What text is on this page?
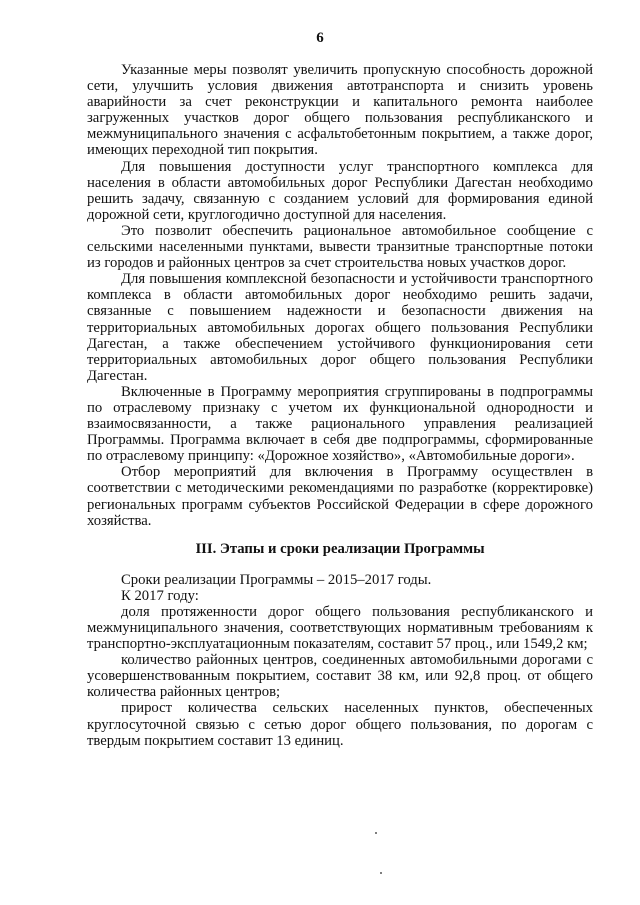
6

Указанные меры позволят увеличить пропускную способность дорожной сети, улучшить условия движения автотранспорта и снизить уровень аварийности за счет реконструкции и капитального ремонта наиболее загруженных участков дорог общего пользования республиканского и межмуниципального значения с асфальтобетонным покрытием, а также дорог, имеющих переходной тип покрытия.

Для повышения доступности услуг транспортного комплекса для населения в области автомобильных дорог Республики Дагестан необходимо решить задачу, связанную с созданием условий для формирования единой дорожной сети, круглогодично доступной для населения.

Это позволит обеспечить рациональное автомобильное сообщение с сельскими населенными пунктами, вывести транзитные транспортные потоки из городов и районных центров за счет строительства новых участков дорог.

Для повышения комплексной безопасности и устойчивости транспортного комплекса в области автомобильных дорог необходимо решить задачи, связанные с повышением надежности и безопасности движения на территориальных автомобильных дорогах общего пользования Республики Дагестан, а также обеспечением устойчивого функционирования сети территориальных автомобильных дорог общего пользования Республики Дагестан.

Включенные в Программу мероприятия сгруппированы в подпрограммы по отраслевому признаку с учетом их функциональной однородности и взаимосвязанности, а также рационального управления реализацией Программы. Программа включает в себя две подпрограммы, сформированные по отраслевому принципу: «Дорожное хозяйство», «Автомобильные дороги».

Отбор мероприятий для включения в Программу осуществлен в соответствии с методическими рекомендациями по разработке (корректировке) региональных программ субъектов Российской Федерации в сфере дорожного хозяйства.

III. Этапы и сроки реализации Программы

Сроки реализации Программы – 2015–2017 годы.

К 2017 году:

доля протяженности дорог общего пользования республиканского и межмуниципального значения, соответствующих нормативным требованиям к транспортно-эксплуатационным показателям, составит 57 проц., или 1549,2 км;

количество районных центров, соединенных автомобильными дорогами с усовершенствованным покрытием, составит 38 км, или 92,8 проц. от общего количества районных центров;

прирост количества сельских населенных пунктов, обеспеченных круглосуточной связью с сетью дорог общего пользования, по дорогам с твердым покрытием составит 13 единиц.
